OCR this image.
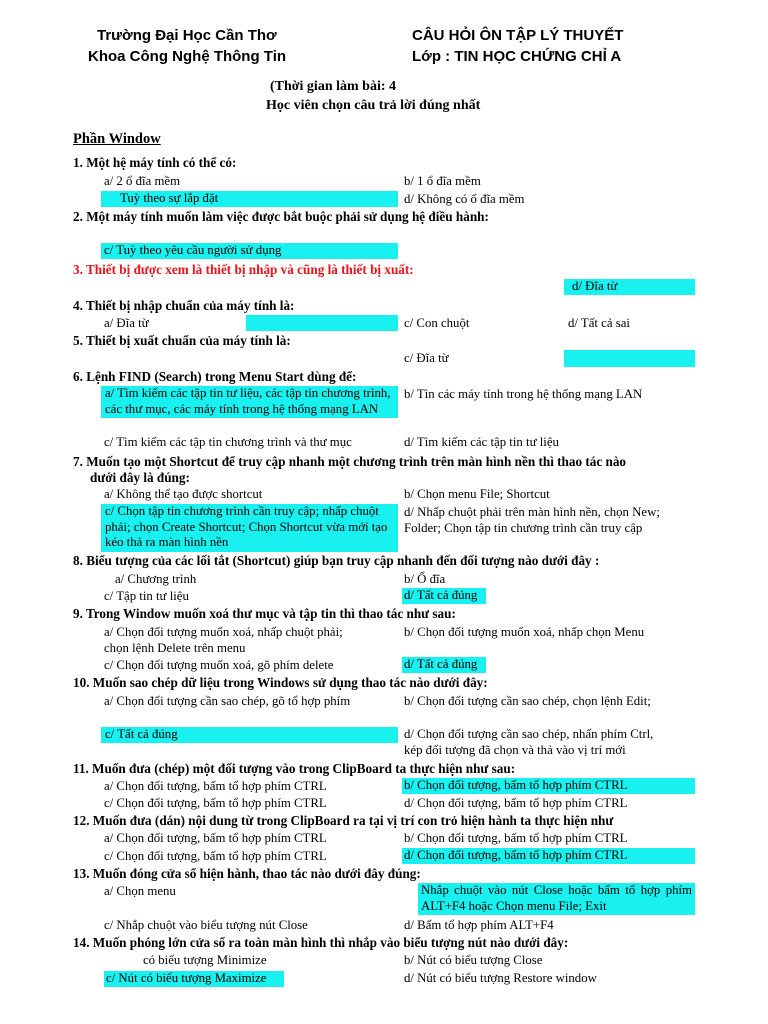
Trường Đại Học Cần Thơ
Khoa Công Nghệ Thông Tin
CÂU HỎI ÔN TẬP LÝ THUYẾT
Lớp : TIN HỌC CHỨNG CHỈ A
(Thời gian làm bài: 4
Học viên chọn câu trả lời đúng nhất
Phần Window
1. Một hệ máy tính có thể có:
a/ 2 ổ đĩa mềm	b/ 1 ổ đĩa mềm
Tuỳ theo sự lắp đặt	d/ Không có ổ đĩa mềm
2. Một máy tính muốn làm việc được bắt buộc phải sử dụng hệ điều hành:
c/ Tuỳ theo yêu cầu người sử dụng
3. Thiết bị được xem là thiết bị nhập và cũng là thiết bị xuất:
d/ Đĩa từ
4. Thiết bị nhập chuẩn của máy tính là:
a/ Đĩa từ	c/ Con chuột	d/ Tất cả sai
5. Thiết bị xuất chuẩn của máy tính là:
c/ Đĩa từ
6. Lệnh FIND (Search) trong Menu Start dùng để:
a/ Tìm kiếm các tập tin tư liệu, các tập tin chương trình, các thư mục, các máy tính trong hệ thống mạng LAN
b/ Tìn các máy tính trong hệ thống mạng LAN
c/ Tìm kiếm các tập tin chương trình và thư mục	d/ Tìm kiếm các tập tin tư liệu
7. Muốn tạo một Shortcut để truy cập nhanh một chương trình trên màn hình nền thì thao tác nào
dưới đây là đúng:
a/ Không thể tạo được shortcut	b/ Chọn menu File; Shortcut
c/ Chọn tập tin chương trình cần truy cập; nhấp chuột phải; chọn Create Shortcut; Chọn Shortcut vừa mới tạo kéo thả ra màn hình nền
d/ Nhấp chuột phải trên màn hình nền, chọn New;
Folder; Chọn tập tin chương trình cần truy cập
8. Biểu tượng của các lối tắt (Shortcut) giúp bạn truy cập nhanh đến đối tượng nào dưới đây :
a/ Chương trình	b/ Ổ đĩa
c/ Tập tin tư liệu	d/ Tất cả đúng
9. Trong Window muốn xoá thư mục và tập tin thì thao tác như sau:
a/ Chọn đối tượng muốn xoá, nhấp chuột phải;
chọn lệnh Delete trên menu
b/ Chọn đối tượng muốn xoá, nhấp chọn Menu
c/ Chọn đối tượng muốn xoá, gõ phím delete	d/ Tất cả đúng
10. Muốn sao chép dữ liệu trong Windows sử dụng thao tác nào dưới đây:
a/ Chọn đối tượng cần sao chép, gõ tổ hợp phím	b/ Chọn đối tượng cần sao chép, chọn lệnh Edit;
c/ Tất cả đúng	d/ Chọn đối tượng cần sao chép, nhấn phím Ctrl,
kép đối tượng đã chọn và thả vào vị trí mới
11. Muốn đưa (chép) một đối tượng vào trong ClipBoard ta thực hiện như sau:
a/ Chọn đối tượng, bấm tổ hợp phím CTRL	b/ Chọn đối tượng, bấm tổ hợp phím CTRL
c/ Chọn đối tượng, bấm tổ hợp phím CTRL	d/ Chọn đối tượng, bấm tổ hợp phím CTRL
12. Muốn đưa (dán) nội dung từ trong ClipBoard ra tại vị trí con trỏ hiện hành ta thực hiện như
a/ Chọn đối tượng, bấm tổ hợp phím CTRL	b/ Chọn đối tượng, bấm tổ hợp phím CTRL
c/ Chọn đối tượng, bấm tổ hợp phím CTRL	d/ Chọn đối tượng, bấm tổ hợp phím CTRL
13. Muốn đóng cửa sổ hiện hành, thao tác nào dưới đây đúng:
a/ Chọn menu	Nhắp chuột vào nút Close hoặc bấm tổ hợp phím ALT+F4 hoặc Chọn menu File; Exit
c/ Nhắp chuột vào biểu tượng nút Close	d/ Bấm tổ hợp phím ALT+F4
14. Muốn phóng lớn cửa sổ ra toàn màn hình thì nhắp vào biểu tượng nút nào dưới đây:
có biểu tượng Minimize	b/ Nút có biểu tượng Close
c/ Nút có biểu tượng Maximize	d/ Nút có biểu tượng Restore window
